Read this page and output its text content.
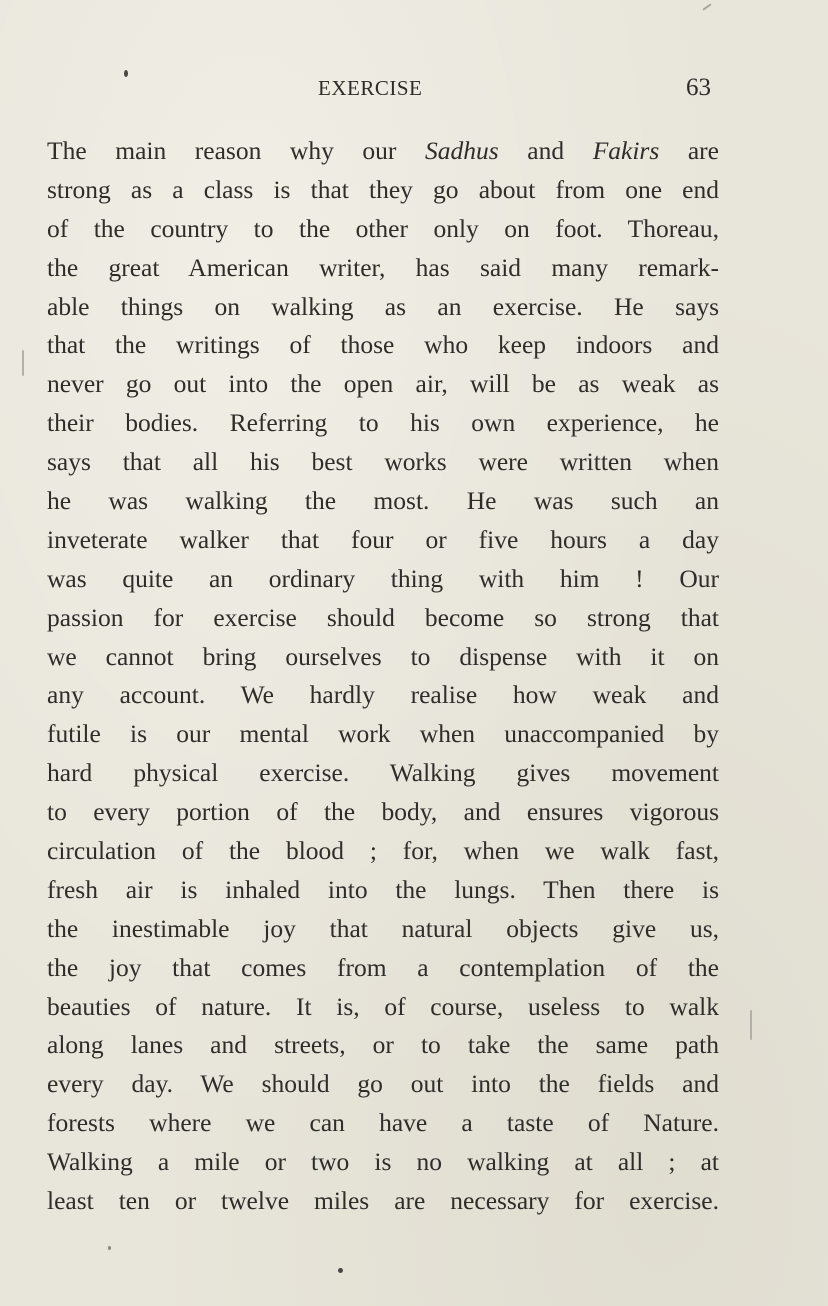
EXERCISE	63
The main reason why our Sadhus and Fakirs are
strong as a class is that they go about from one end
of the country to the other only on foot. Thoreau,
the great American writer, has said many remark-
able things on walking as an exercise. He says
that the writings of those who keep indoors and
never go out into the open air, will be as weak as
their bodies. Referring to his own experience, he
says that all his best works were written when
he was walking the most. He was such an
inveterate walker that four or five hours a day
was quite an ordinary thing with him ! Our
passion for exercise should become so strong that
we cannot bring ourselves to dispense with it on
any account. We hardly realise how weak and
futile is our mental work when unaccompanied by
hard physical exercise. Walking gives movement
to every portion of the body, and ensures vigorous
circulation of the blood ; for, when we walk fast,
fresh air is inhaled into the lungs. Then there is
the inestimable joy that natural objects give us,
the joy that comes from a contemplation of the
beauties of nature. It is, of course, useless to walk
along lanes and streets, or to take the same path
every day. We should go out into the fields and
forests where we can have a taste of Nature.
Walking a mile or two is no walking at all ; at
least ten or twelve miles are necessary for exercise.
